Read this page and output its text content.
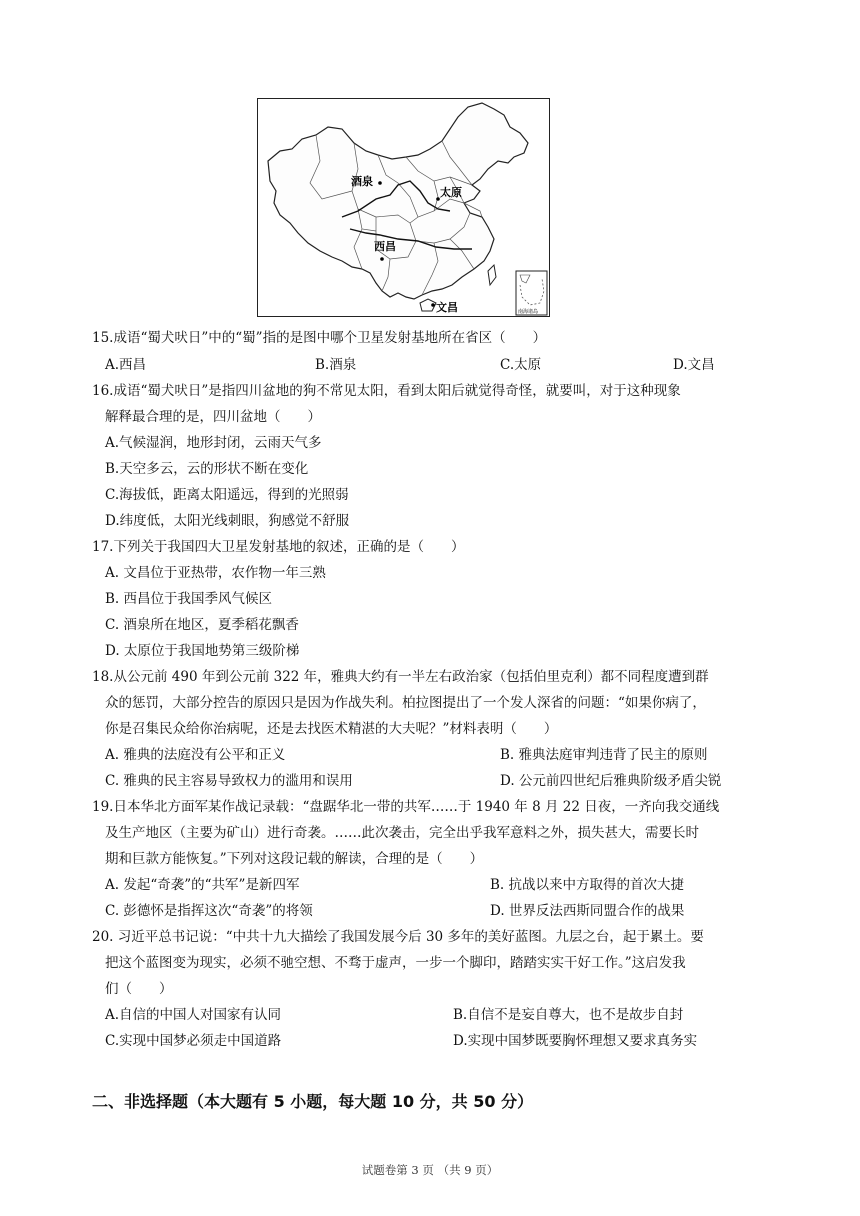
酒泉
太原
西昌
文昌	南海诸岛
15.成语“蜀犬吠日”中的“蜀”指的是图中哪个卫星发射基地所在省区（　　）
A.西昌	B.酒泉	C.太原	D.文昌
16.成语“蜀犬吠日”是指四川盆地的狗不常见太阳，看到太阳后就觉得奇怪，就要叫，对于这种现象
解释最合理的是，四川盆地（　　）
A.气候湿润，地形封闭，云雨天气多
B.天空多云，云的形状不断在变化
C.海拔低，距离太阳遥远，得到的光照弱
D.纬度低，太阳光线刺眼，狗感觉不舒服
17.下列关于我国四大卫星发射基地的叙述，正确的是（　　）
A. 文昌位于亚热带，农作物一年三熟
B. 西昌位于我国季风气候区
C. 酒泉所在地区，夏季稻花飘香
D. 太原位于我国地势第三级阶梯
18.从公元前 490 年到公元前 322 年，雅典大约有一半左右政治家（包括伯里克利）都不同程度遭到群
众的惩罚，大部分控告的原因只是因为作战失利。柏拉图提出了一个发人深省的问题：“如果你病了，
你是召集民众给你治病呢，还是去找医术精湛的大夫呢？”材料表明（　　）
A. 雅典的法庭没有公平和正义	B. 雅典法庭审判违背了民主的原则
C. 雅典的民主容易导致权力的滥用和误用	D. 公元前四世纪后雅典阶级矛盾尖锐
19.日本华北方面军某作战记录载：“盘踞华北一带的共军……于 1940 年 8 月 22 日夜，一齐向我交通线
及生产地区（主要为矿山）进行奇袭。……此次袭击，完全出乎我军意料之外，损失甚大，需要长时
期和巨款方能恢复。”下列对这段记载的解读，合理的是（　　）
A. 发起“奇袭”的“共军”是新四军	B. 抗战以来中方取得的首次大捷
C. 彭德怀是指挥这次“奇袭”的将领	D. 世界反法西斯同盟合作的战果
20. 习近平总书记说：“中共十九大描绘了我国发展今后 30 多年的美好蓝图。九层之台，起于累土。要
把这个蓝图变为现实，必须不驰空想、不骛于虚声，一步一个脚印，踏踏实实干好工作。”这启发我
们（　　）
A.自信的中国人对国家有认同	B.自信不是妄自尊大，也不是故步自封
C.实现中国梦必须走中国道路	D.实现中国梦既要胸怀理想又要求真务实
二、非选择题（本大题有 5 小题，每大题 10 分，共 50 分）
试题卷第 3 页 （共 9 页）
